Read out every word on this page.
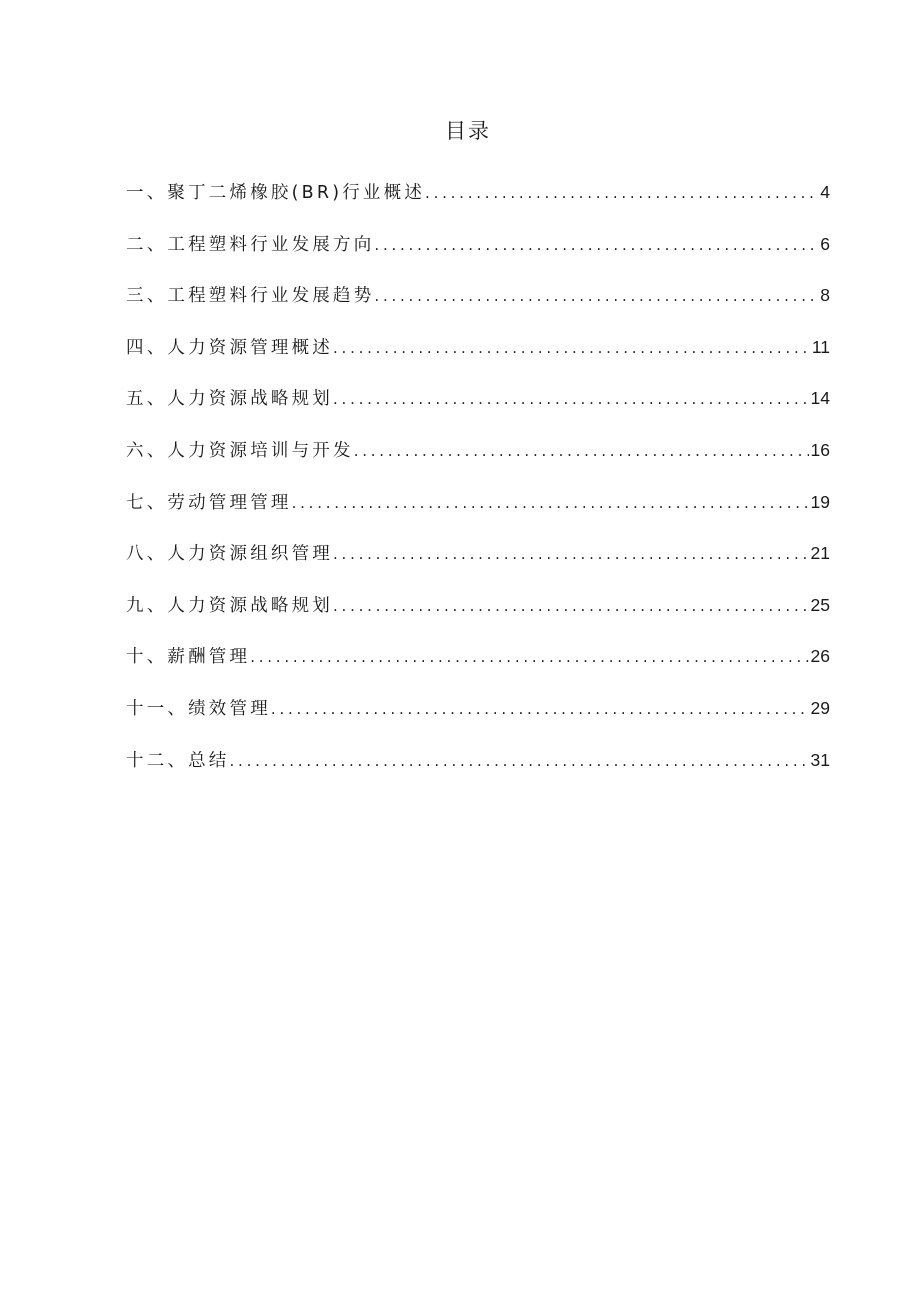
目录
一、聚丁二烯橡胶(BR)行业概述 . . .	4
二、工程塑料行业发展方向 . . .	6
三、工程塑料行业发展趋势 . . .	8
四、人力资源管理概述 . . .	11
五、人力资源战略规划 . . .	14
六、人力资源培训与开发 . . .	16
七、劳动管理管理 . . .	19
八、人力资源组织管理 . . .	21
九、人力资源战略规划 . . .	25
十、薪酬管理 . . .	26
十一、绩效管理 . . .	29
十二、总结 . . .	31
